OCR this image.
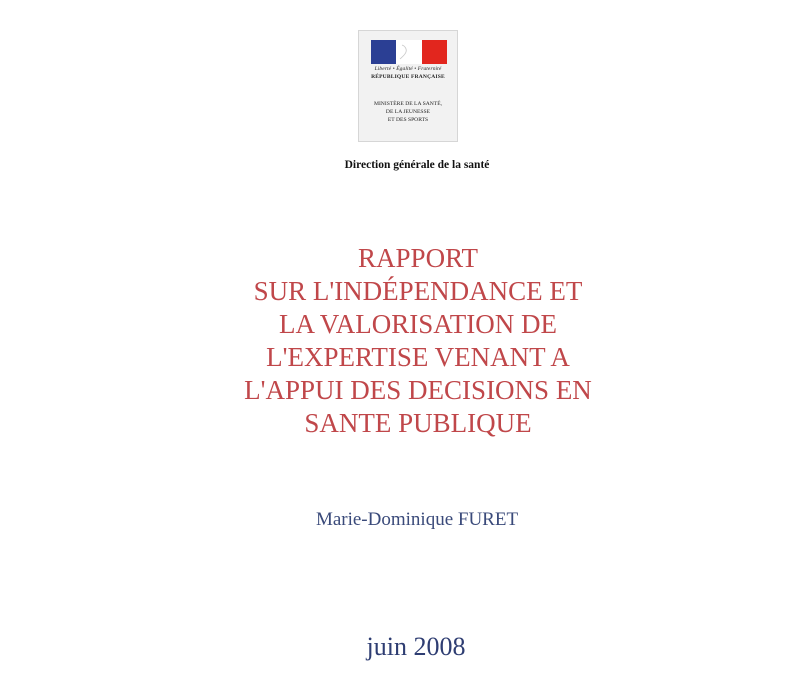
Liberté • Égalité • Fraternité
RÉPUBLIQUE FRANÇAISE
MINISTÈRE DE LA SANTÉ,
DE LA JEUNESSE
ET DES SPORTS
Direction générale de la santé
RAPPORT
SUR L'INDÉPENDANCE ET
LA VALORISATION DE
L'EXPERTISE VENANT A
L'APPUI DES DECISIONS EN
SANTE PUBLIQUE
Marie-Dominique FURET
juin 2008
